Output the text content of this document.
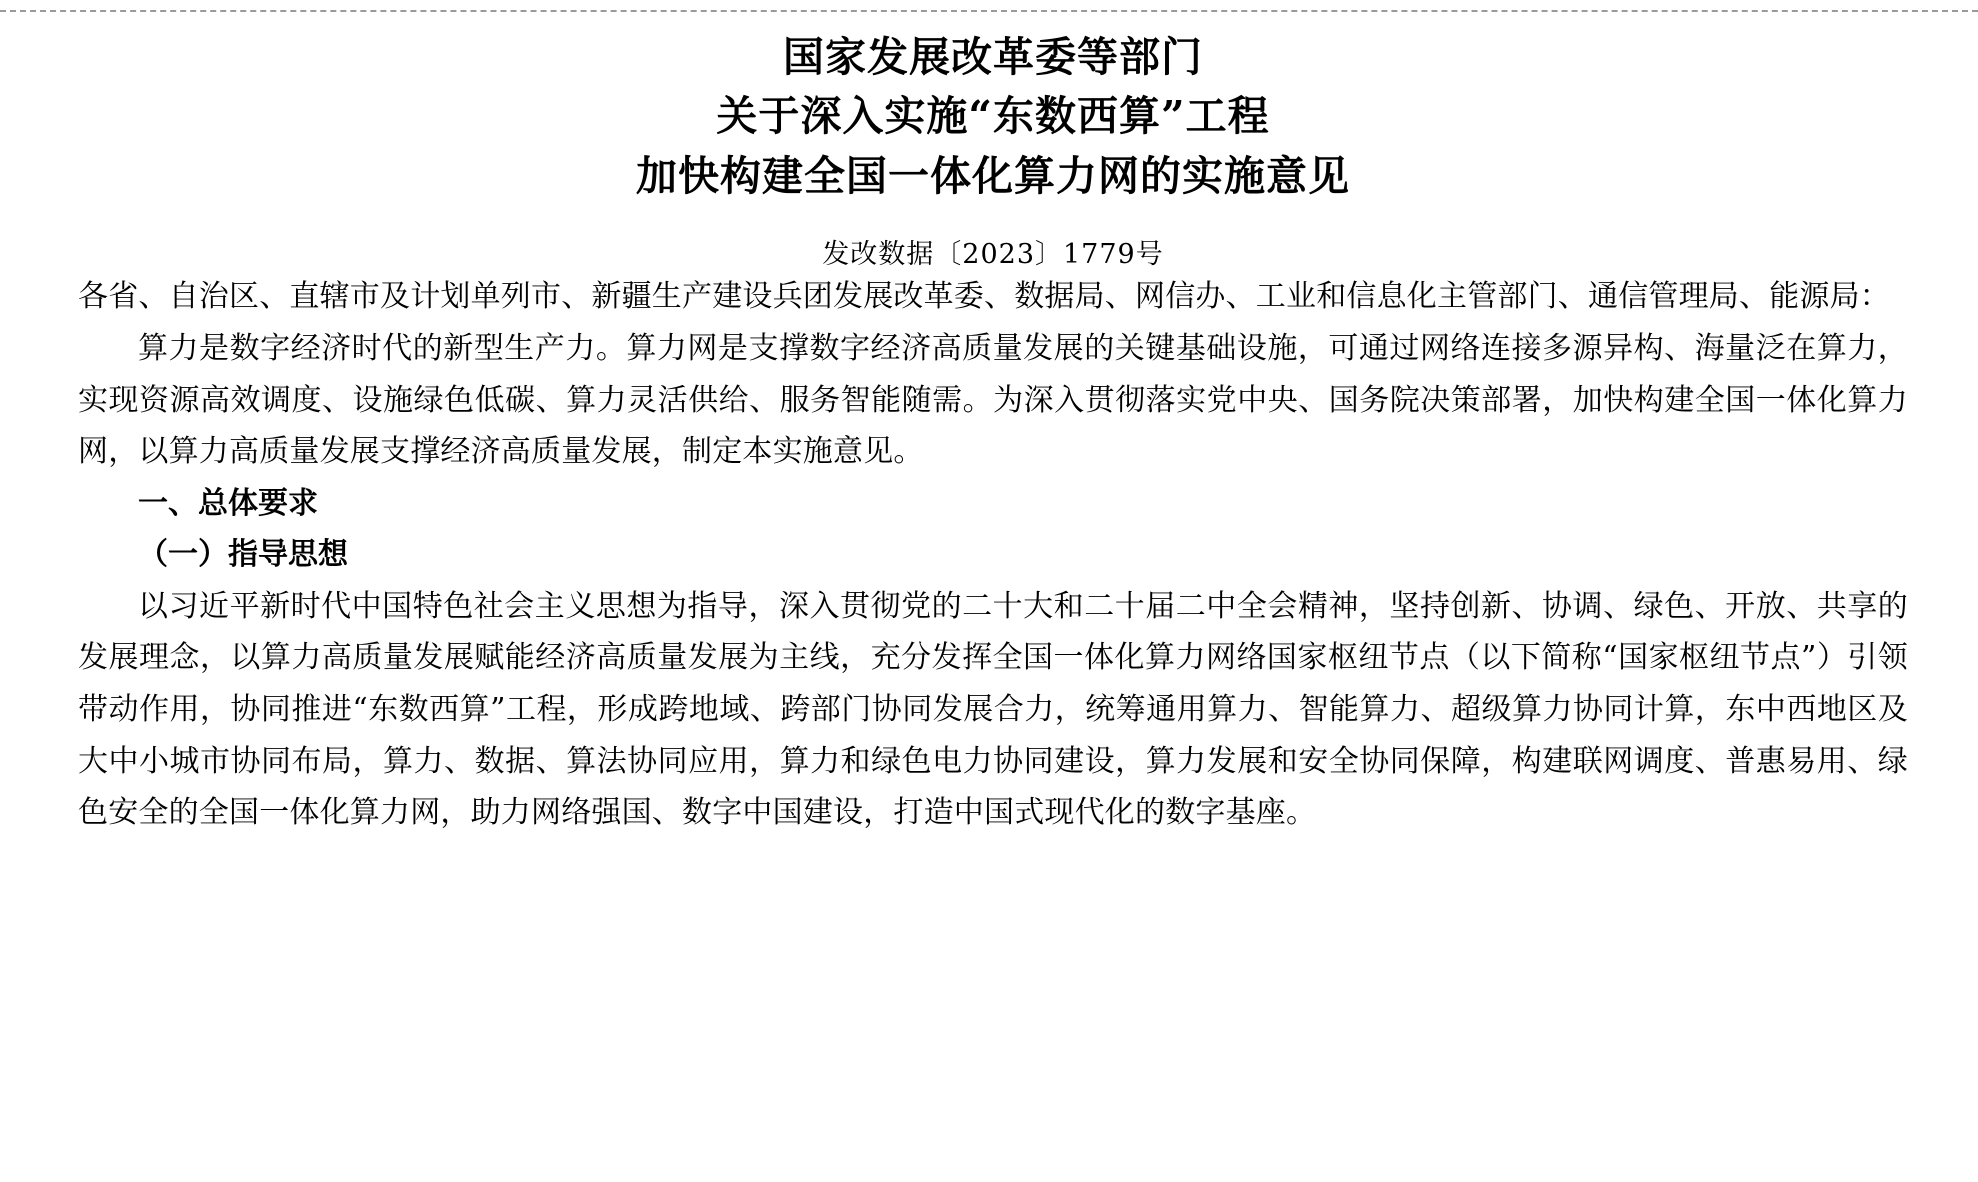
国家发展改革委等部门
关于深入实施“东数西算”工程
加快构建全国一体化算力网的实施意见
发改数据〔2023〕1779号

各省、自治区、直辖市及计划单列市、新疆生产建设兵团发展改革委、数据局、网信办、工业和信息化主管部门、通信管理局、能源局：

算力是数字经济时代的新型生产力。算力网是支撑数字经济高质量发展的关键基础设施，可通过网络连接多源异构、海量泛在算力，实现资源高效调度、设施绿色低碳、算力灵活供给、服务智能随需。为深入贯彻落实党中央、国务院决策部署，加快构建全国一体化算力网，以算力高质量发展支撑经济高质量发展，制定本实施意见。

一、总体要求

（一）指导思想

以习近平新时代中国特色社会主义思想为指导，深入贯彻党的二十大和二十届二中全会精神，坚持创新、协调、绿色、开放、共享的发展理念，以算力高质量发展赋能经济高质量发展为主线，充分发挥全国一体化算力网络国家枢纽节点（以下简称“国家枢纽节点”）引领带动作用，协同推进“东数西算”工程，形成跨地域、跨部门协同发展合力，统筹通用算力、智能算力、超级算力协同计算，东中西地区及大中小城市协同布局，算力、数据、算法协同应用，算力和绿色电力协同建设，算力发展和安全协同保障，构建联网调度、普惠易用、绿色安全的全国一体化算力网，助力网络强国、数字中国建设，打造中国式现代化的数字基座。
